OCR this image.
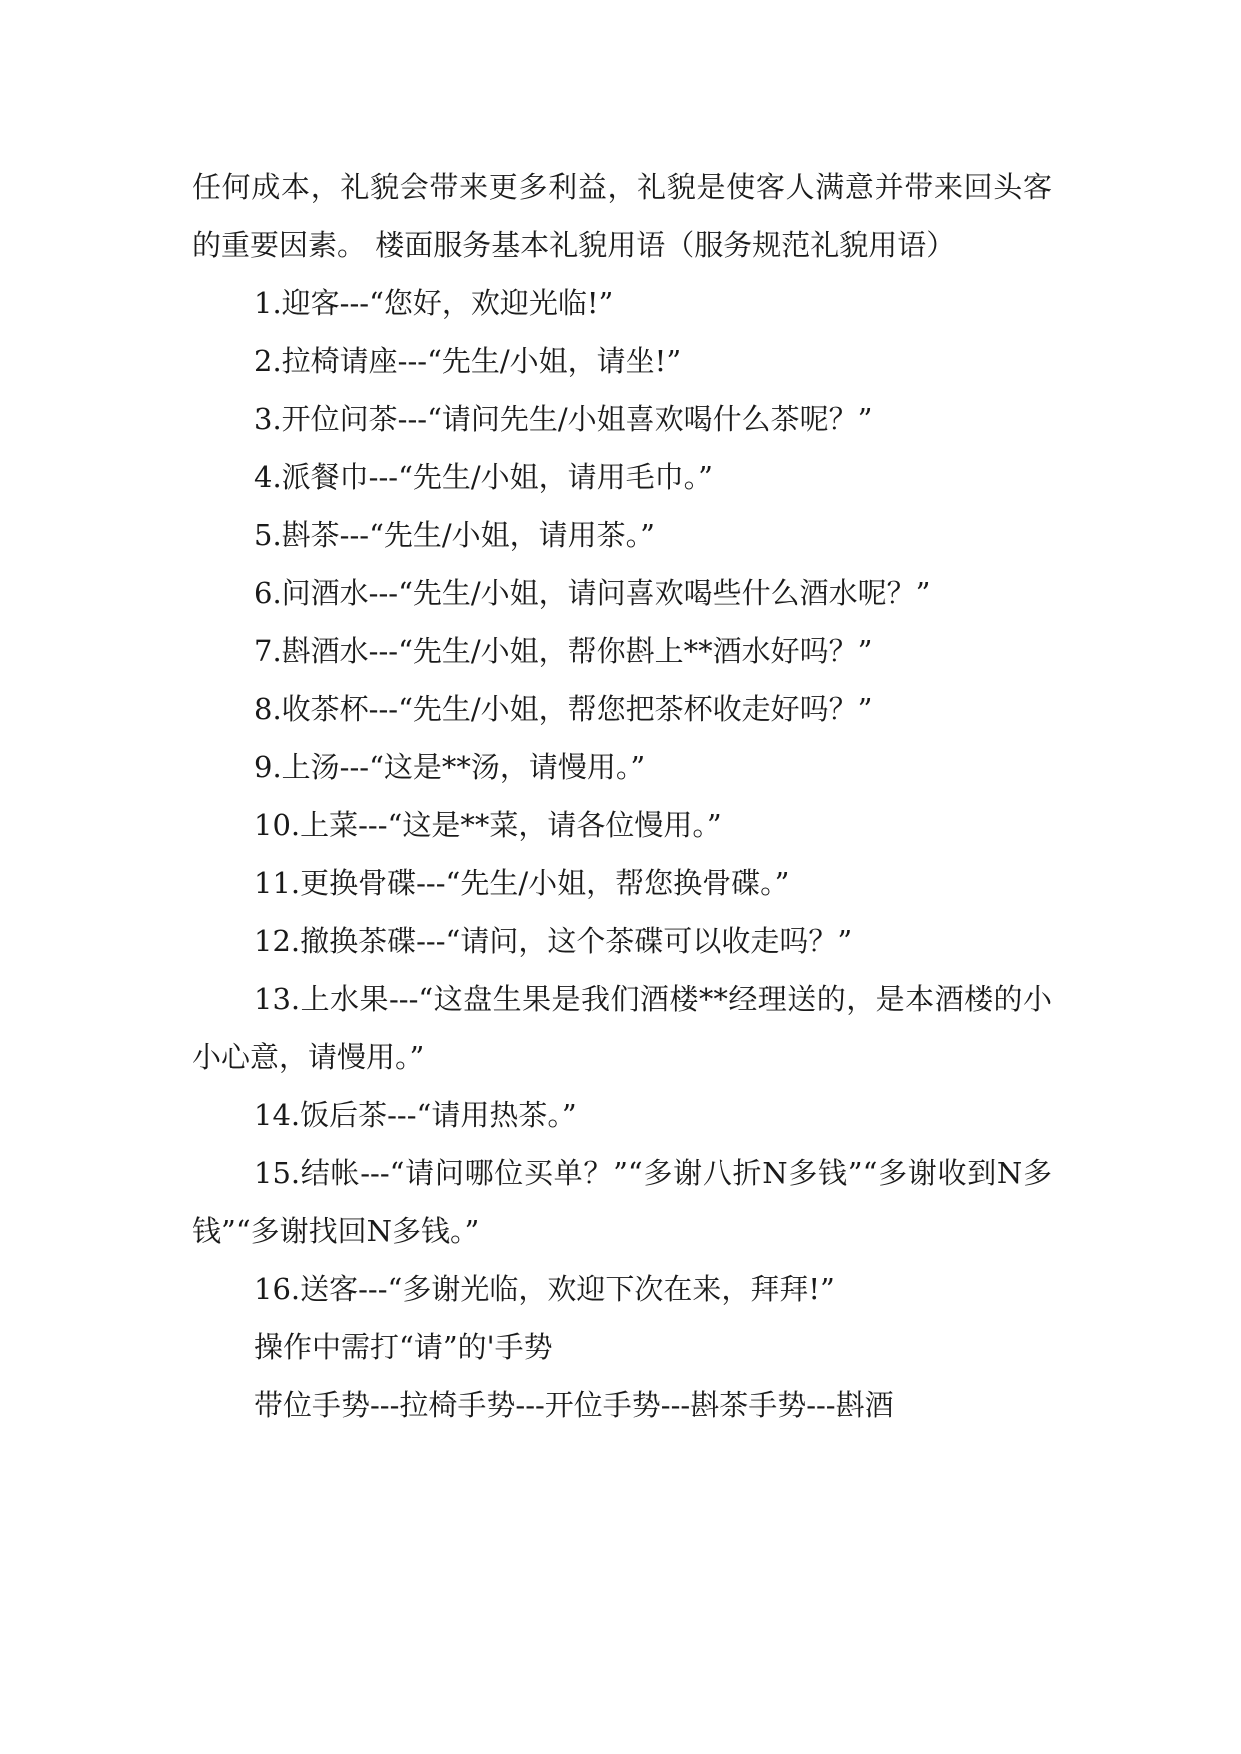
任何成本，礼貌会带来更多利益，礼貌是使客人满意并带来回头客的重要因素。 楼面服务基本礼貌用语（服务规范礼貌用语）

1.迎客---“您好，欢迎光临!”

2.拉椅请座---“先生/小姐，请坐!”

3.开位问茶---“请问先生/小姐喜欢喝什么茶呢？”

4.派餐巾---“先生/小姐，请用毛巾。”

5.斟茶---“先生/小姐，请用茶。”

6.问酒水---“先生/小姐，请问喜欢喝些什么酒水呢？”

7.斟酒水---“先生/小姐，帮你斟上**酒水好吗？”

8.收茶杯---“先生/小姐，帮您把茶杯收走好吗？”

9.上汤---“这是**汤，请慢用。”

10.上菜---“这是**菜，请各位慢用。”

11.更换骨碟---“先生/小姐，帮您换骨碟。”

12.撤换茶碟---“请问，这个茶碟可以收走吗？”

13.上水果---“这盘生果是我们酒楼**经理送的，是本酒楼的小小心意，请慢用。”

14.饭后茶---“请用热茶。”

15.结帐---“请问哪位买单？”“多谢八折N多钱”“多谢收到N多钱”“多谢找回N多钱。”

16.送客---“多谢光临，欢迎下次在来，拜拜!”

操作中需打“请”的'手势

带位手势---拉椅手势---开位手势---斟茶手势---斟酒
